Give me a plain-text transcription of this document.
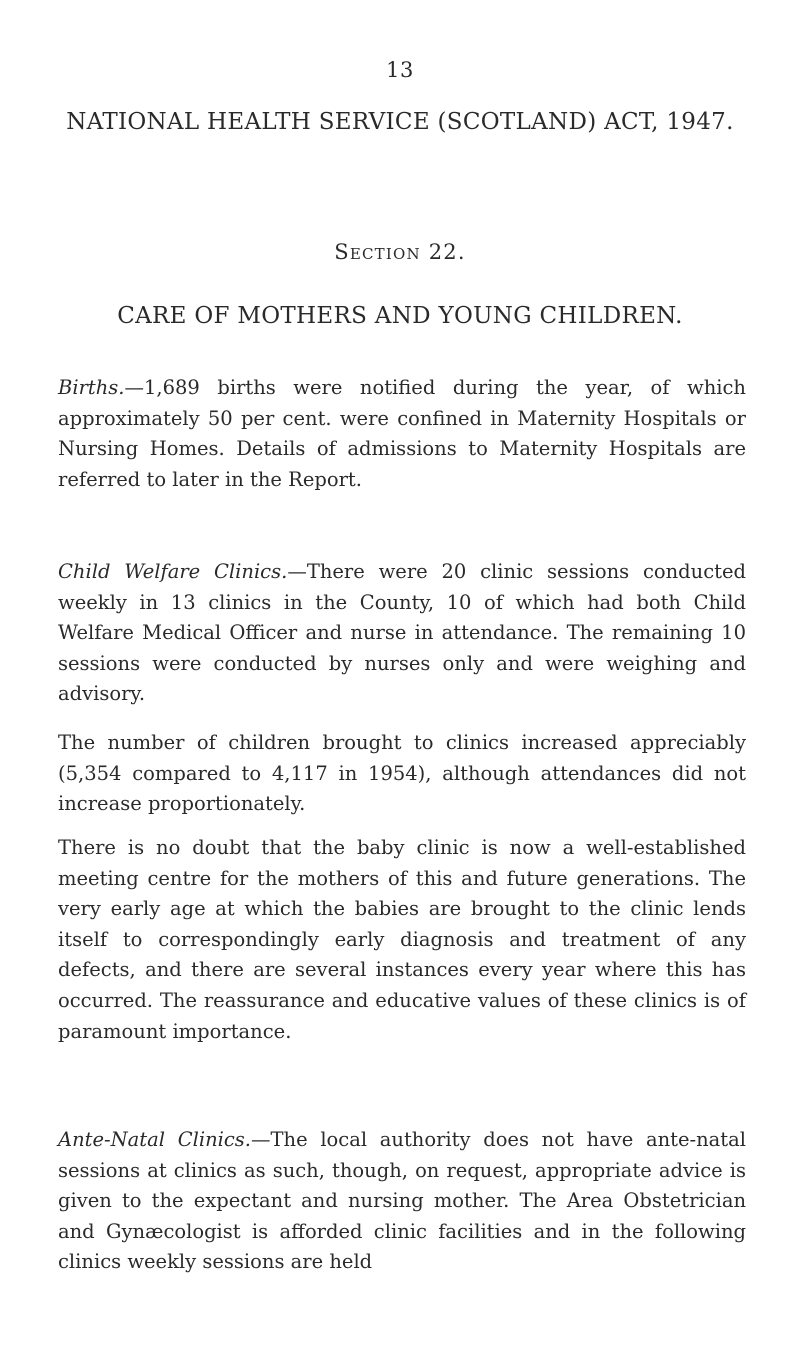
13
NATIONAL HEALTH SERVICE (SCOTLAND) ACT, 1947.
Section 22.
CARE OF MOTHERS AND YOUNG CHILDREN.

Births.—1,689 births were notified during the year, of which approximately 50 per cent. were confined in Maternity Hospitals or Nursing Homes. Details of admissions to Maternity Hospitals are referred to later in the Report.

Child Welfare Clinics.—There were 20 clinic sessions conducted weekly in 13 clinics in the County, 10 of which had both Child Welfare Medical Officer and nurse in attendance. The remaining 10 sessions were conducted by nurses only and were weighing and advisory.

The number of children brought to clinics increased appreciably (5,354 compared to 4,117 in 1954), although attendances did not increase proportionately.

There is no doubt that the baby clinic is now a well-established meeting centre for the mothers of this and future generations. The very early age at which the babies are brought to the clinic lends itself to correspondingly early diagnosis and treatment of any defects, and there are several instances every year where this has occurred. The reassurance and educative values of these clinics is of paramount importance.

Ante-Natal Clinics.—The local authority does not have ante-natal sessions at clinics as such, though, on request, appropriate advice is given to the expectant and nursing mother. The Area Obstetrician and Gynæcologist is afforded clinic facilities and in the following clinics weekly sessions are held
